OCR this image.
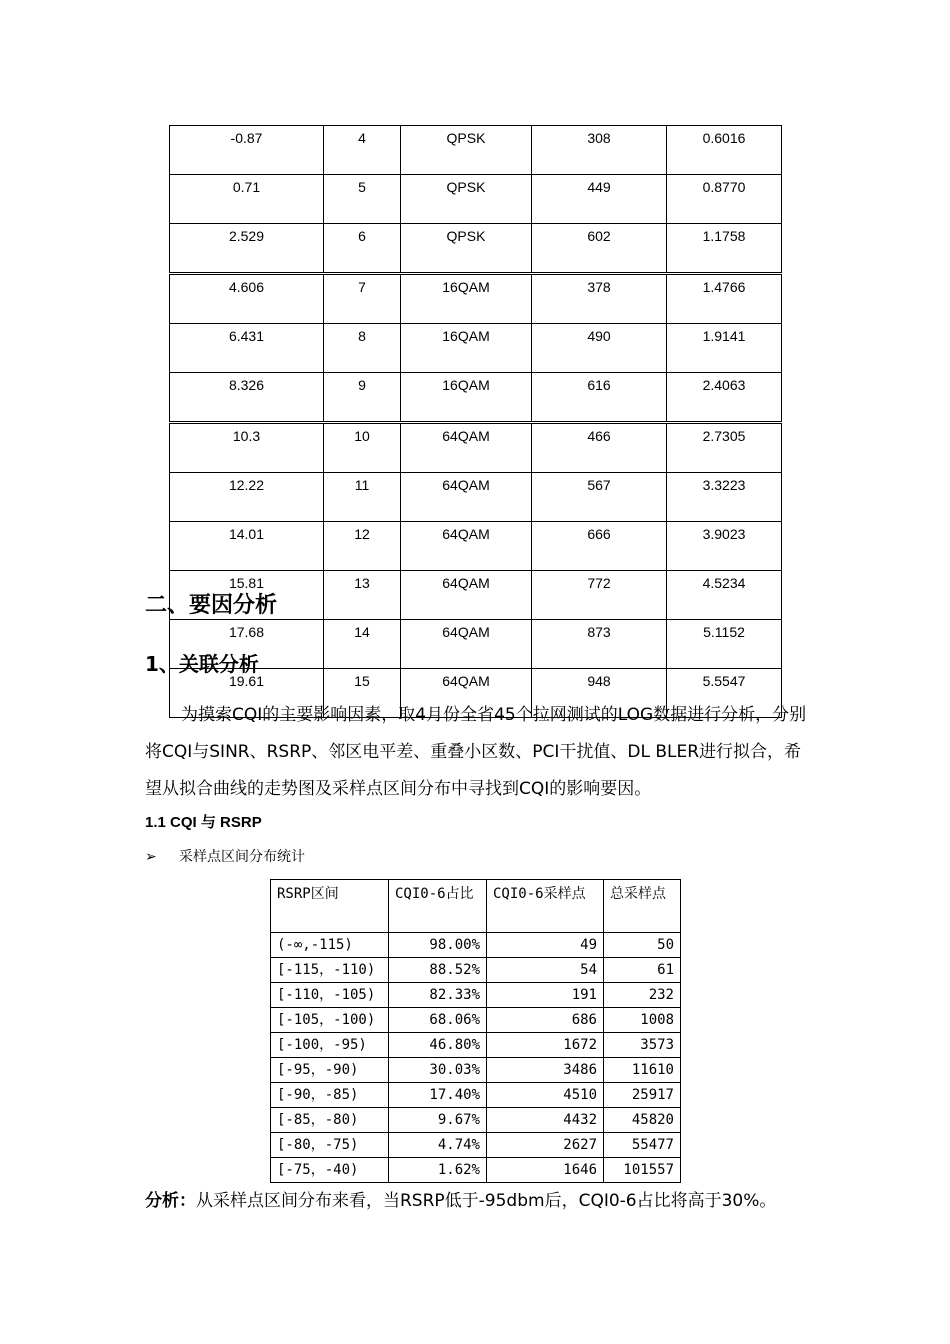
-0.87	4	QPSK	308	0.6016
0.71	5	QPSK	449	0.8770
2.529	6	QPSK	602	1.1758
4.606	7	16QAM	378	1.4766
6.431	8	16QAM	490	1.9141
8.326	9	16QAM	616	2.4063
10.3	10	64QAM	466	2.7305
12.22	11	64QAM	567	3.3223
14.01	12	64QAM	666	3.9023
15.81	13	64QAM	772	4.5234
17.68	14	64QAM	873	5.1152
19.61	15	64QAM	948	5.5547
二、要因分析
1、关联分析
为摸索CQI的主要影响因素，取4月份全省45个拉网测试的LOG数据进行分析，分别将CQI与SINR、RSRP、邻区电平差、重叠小区数、PCI干扰值、DL BLER进行拟合，希望从拟合曲线的走势图及采样点区间分布中寻找到CQI的影响要因。
1.1 CQI 与 RSRP
➢ 采样点区间分布统计
RSRP区间	CQI0-6占比	CQI0-6采样点	总采样点
(-∞,-115)	98.00%	49	50
[-115，-110)	88.52%	54	61
[-110，-105)	82.33%	191	232
[-105，-100)	68.06%	686	1008
[-100，-95)	46.80%	1672	3573
[-95，-90)	30.03%	3486	11610
[-90，-85)	17.40%	4510	25917
[-85，-80)	9.67%	4432	45820
[-80，-75)	4.74%	2627	55477
[-75，-40)	1.62%	1646	101557
分析：从采样点区间分布来看，当RSRP低于-95dbm后，CQI0-6占比将高于30%。
